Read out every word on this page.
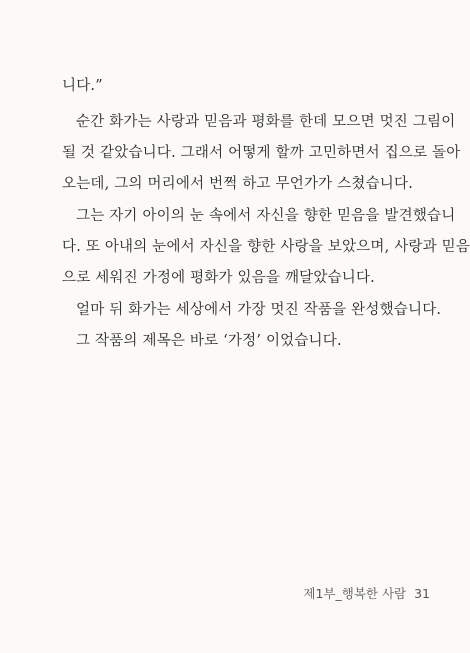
니다.”
순간 화가는 사랑과 믿음과 평화를 한데 모으면 멋진 그림이
될 것 같았습니다. 그래서 어떻게 할까 고민하면서 집으로 돌아
오는데, 그의 머리에서 번쩍 하고 무언가가 스쳤습니다.
그는 자기 아이의 눈 속에서 자신을 향한 믿음을 발견했습니
다. 또 아내의 눈에서 자신을 향한 사랑을 보았으며, 사랑과 믿음
으로 세워진 가정에 평화가 있음을 깨달았습니다.
얼마 뒤 화가는 세상에서 가장 멋진 작품을 완성했습니다.
그 작품의 제목은 바로 ‘가정’ 이었습니다.
제1부_행복한 사람 31
